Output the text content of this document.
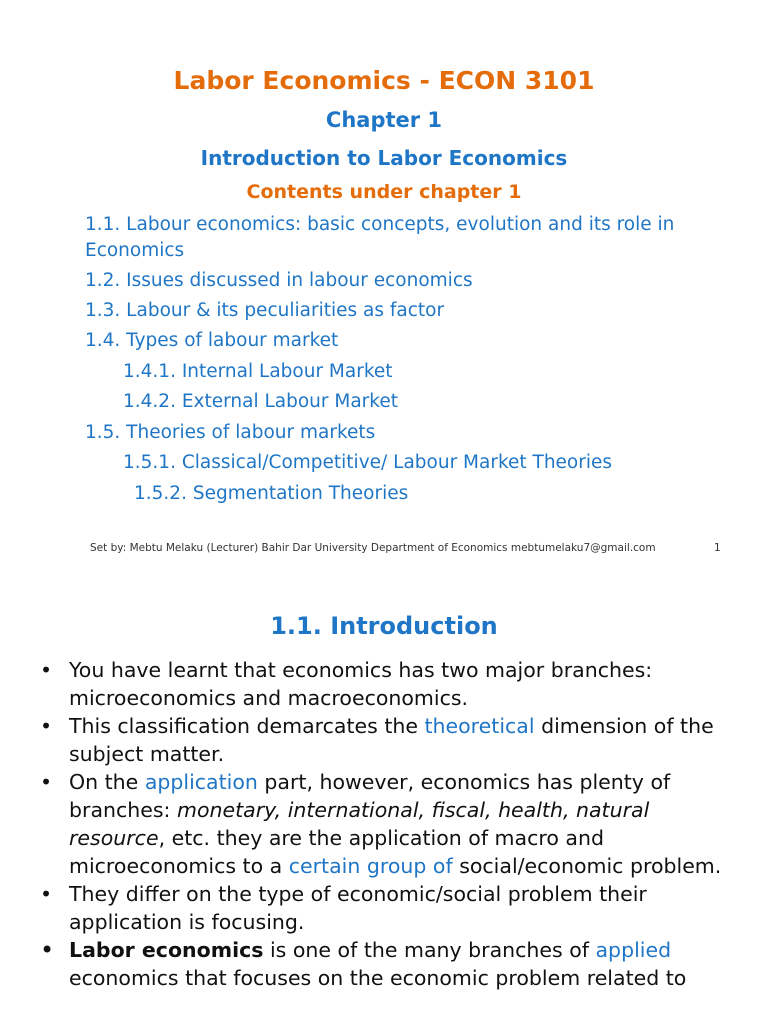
Labor Economics - ECON 3101
Chapter 1
Introduction to Labor Economics
Contents under chapter 1
1.1. Labour economics: basic concepts, evolution and its role in
Economics
1.2. Issues discussed in labour economics
1.3. Labour & its peculiarities as factor
1.4. Types of labour market
1.4.1. Internal Labour Market
1.4.2. External Labour Market
1.5. Theories of labour markets
1.5.1. Classical/Competitive/ Labour Market Theories
1.5.2. Segmentation Theories
Set by: Mebtu Melaku (Lecturer) Bahir Dar University Department of Economics mebtumelaku7@gmail.com	1
1.1. Introduction
• You have learnt that economics has two major branches: microeconomics and macroeconomics.
• This classification demarcates the theoretical dimension of the subject matter.
• On the application part, however, economics has plenty of branches: monetary, international, fiscal, health, natural resource, etc. they are the application of macro and microeconomics to a certain group of social/economic problem.
• They differ on the type of economic/social problem their application is focusing.
• Labor economics is one of the many branches of applied economics that focuses on the economic problem related to
